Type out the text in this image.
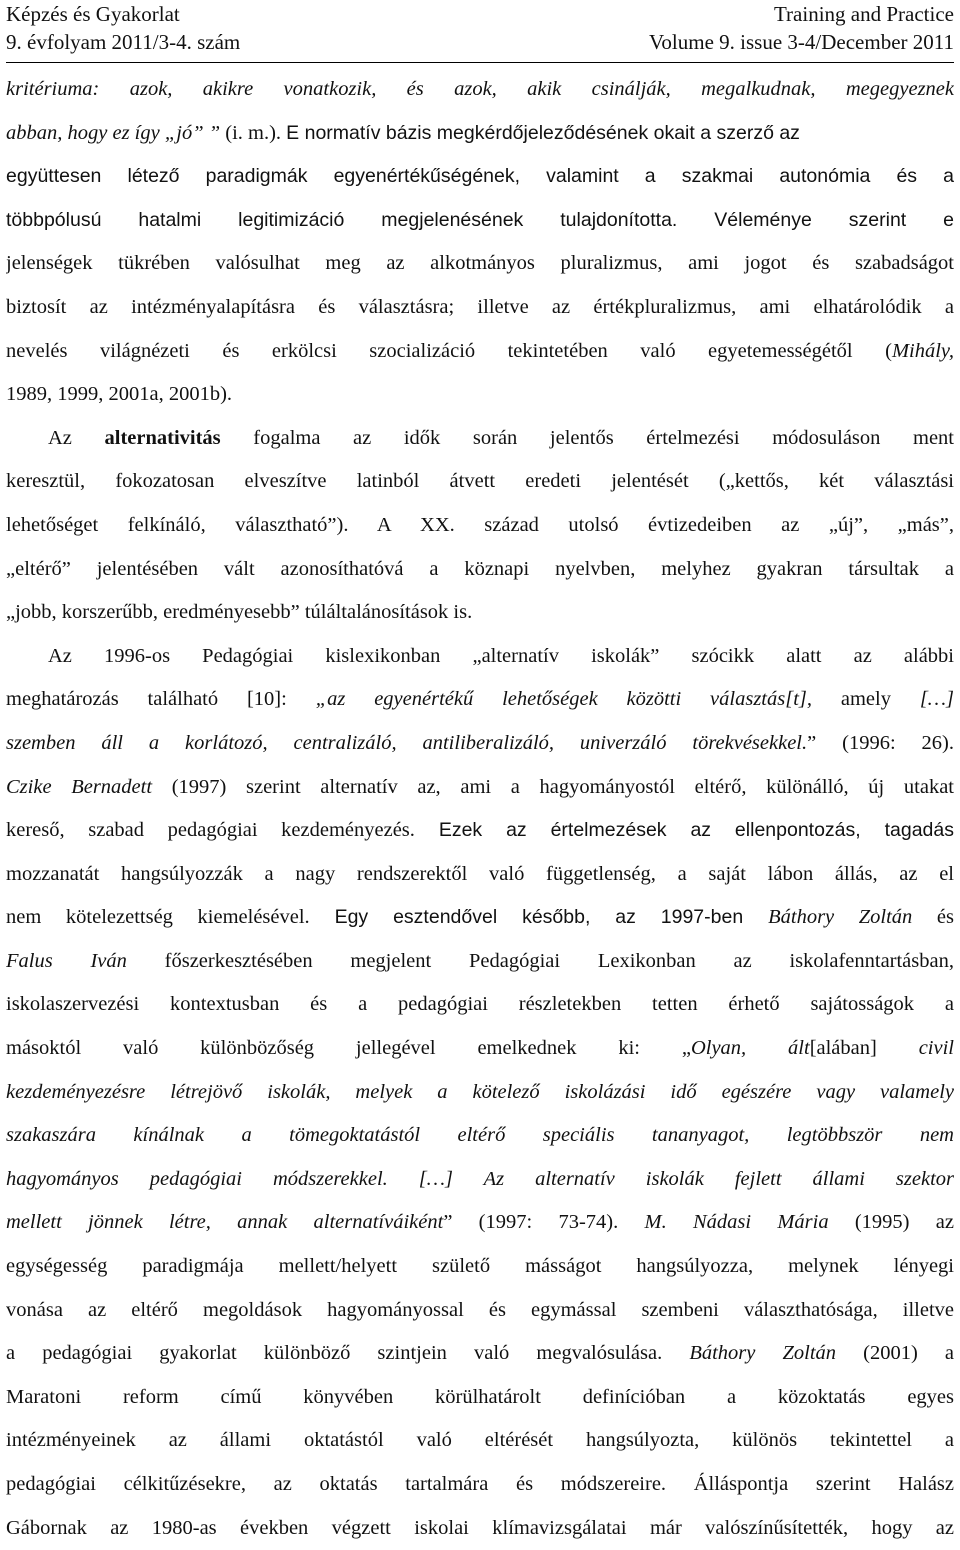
Képzés és Gyakorlat	Training and Practice
9. évfolyam 2011/3-4. szám	Volume 9. issue 3-4/December 2011
kritériuma: azok, akikre vonatkozik, és azok, akik csinálják, megalkudnak, megegyeznek
abban, hogy ez így „jó” ” (i. m.). E normatív bázis megkérdőjeleződésének okait a szerző az
együttesen létező paradigmák egyenértékűségének, valamint a szakmai autonómia és a
többpólusú hatalmi legitimizáció megjelenésének tulajdonította. Véleménye szerint e
jelenségek tükrében valósulhat meg az alkotmányos pluralizmus, ami jogot és szabadságot
biztosít az intézményalapításra és választásra; illetve az értékpluralizmus, ami elhatárolódik a
nevelés világnézeti és erkölcsi szocializáció tekintetében való egyetemességétől (Mihály,
1989, 1999, 2001a, 2001b).
Az alternativitás fogalma az idők során jelentős értelmezési módosuláson ment
keresztül, fokozatosan elveszítve latinból átvett eredeti jelentését („kettős, két választási
lehetőséget felkínáló, választható”). A XX. század utolsó évtizedeiben az „új”, „más”,
„eltérő” jelentésében vált azonosíthatóvá a köznapi nyelvben, melyhez gyakran társultak a
„jobb, korszerűbb, eredményesebb” túláltalánosítások is.
Az 1996-os Pedagógiai kislexikonban „alternatív iskolák” szócikk alatt az alábbi
meghatározás található [10]: „az egyenértékű lehetőségek közötti választás[t], amely […]
szemben áll a korlátozó, centralizáló, antiliberalizáló, univerzáló törekvésekkel.” (1996: 26).
Czike Bernadett (1997) szerint alternatív az, ami a hagyományostól eltérő, különálló, új utakat
kereső, szabad pedagógiai kezdeményezés. Ezek az értelmezések az ellenpontozás, tagadás
mozzanatát hangsúlyozzák a nagy rendszerektől való függetlenség, a saját lábon állás, az el
nem kötelezettség kiemelésével. Egy esztendővel később, az 1997-ben Báthory Zoltán és
Falus Iván főszerkesztésében megjelent Pedagógiai Lexikonban az iskolafenntartásban,
iskolaszervezési kontextusban és a pedagógiai részletekben tetten érhető sajátosságok a
másoktól való különbözőség jellegével emelkednek ki: „Olyan, ált[alában] civil
kezdeményezésre létrejövő iskolák, melyek a kötelező iskolázási idő egészére vagy valamely
szakaszára kínálnak a tömegoktatástól eltérő speciális tananyagot, legtöbbször nem
hagyományos pedagógiai módszerekkel. […] Az alternatív iskolák fejlett állami szektor
mellett jönnek létre, annak alternatíváiként” (1997: 73-74). M. Nádasi Mária (1995) az
egységesség paradigmája mellett/helyett születő másságot hangsúlyozza, melynek lényegi
vonása az eltérő megoldások hagyományossal és egymással szembeni választhatósága, illetve
a pedagógiai gyakorlat különböző szintjein való megvalósulása. Báthory Zoltán (2001) a
Maratoni reform című könyvében körülhatárolt definícióban a közoktatás egyes
intézményeinek az állami oktatástól való eltérését hangsúlyozta, különös tekintettel a
pedagógiai célkitűzésekre, az oktatás tartalmára és módszereire. Álláspontja szerint Halász
Gábornak az 1980-as években végzett iskolai klímavizsgálatai már valószínűsítették, hogy az
